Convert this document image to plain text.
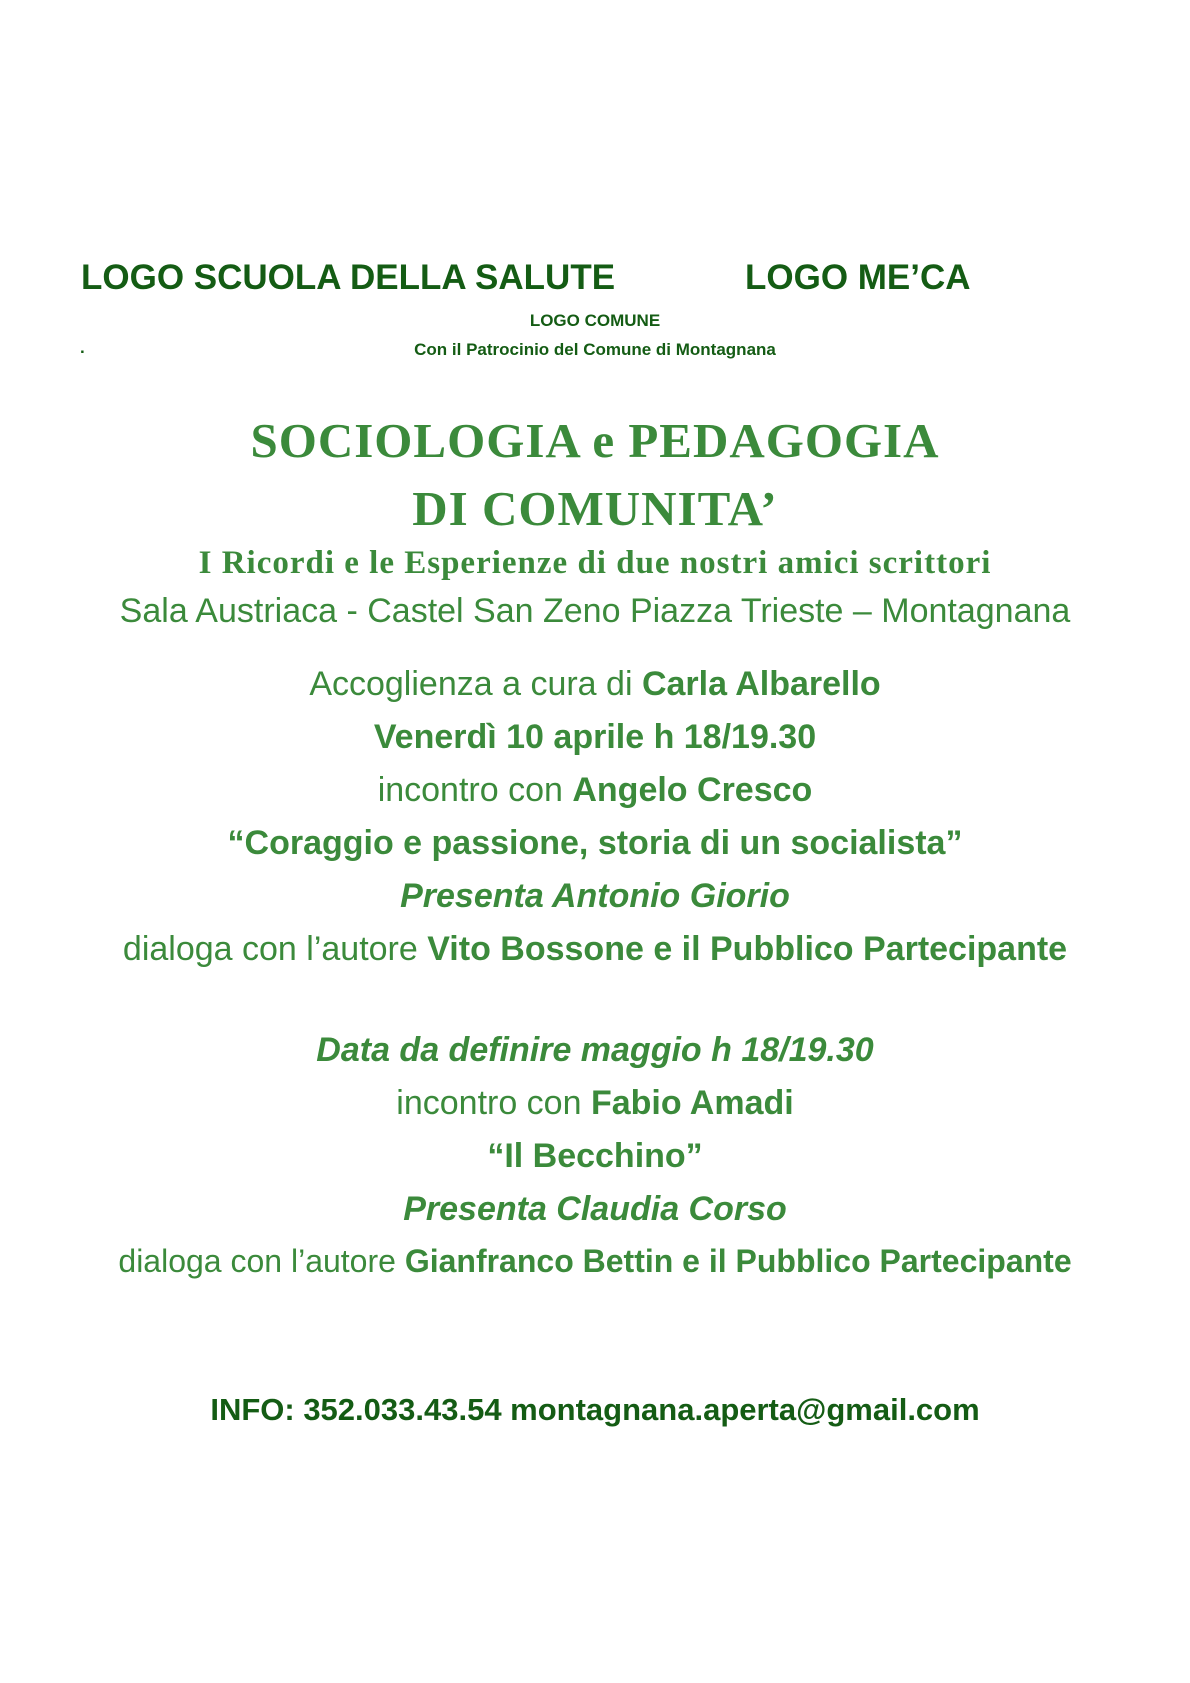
LOGO SCUOLA DELLA SALUTE	LOGO ME’CA
LOGO COMUNE
.	Con il Patrocinio del Comune di Montagnana
SOCIOLOGIA e PEDAGOGIA
DI COMUNITA’
I Ricordi e le Esperienze di due nostri amici scrittori
Sala Austriaca - Castel San Zeno Piazza Trieste – Montagnana
Accoglienza a cura di Carla Albarello
Venerdì 10 aprile h 18/19.30
incontro con Angelo Cresco
“Coraggio e passione, storia di un socialista”
Presenta Antonio Giorio
dialoga con l’autore Vito Bossone e il Pubblico Partecipante
Data da definire maggio h 18/19.30
incontro con Fabio Amadi
“Il Becchino”
Presenta Claudia Corso
dialoga con l’autore Gianfranco Bettin e il Pubblico Partecipante
INFO: 352.033.43.54 montagnana.aperta@gmail.com
